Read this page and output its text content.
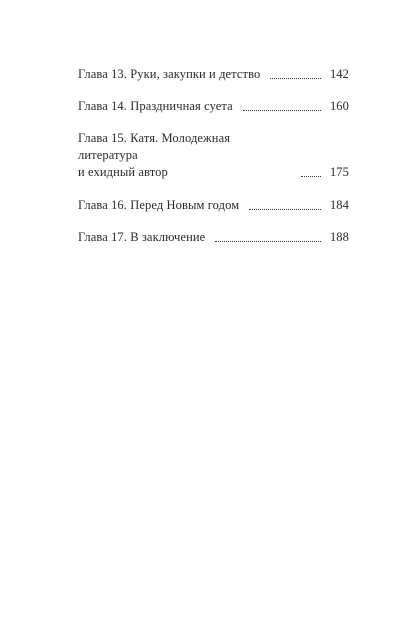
Глава 13. Руки, закупки и детство	142
Глава 14. Праздничная суета	160
Глава 15. Катя. Молодежная литература
и ехидный автор	175
Глава 16. Перед Новым годом	184
Глава 17. В заключение	188
